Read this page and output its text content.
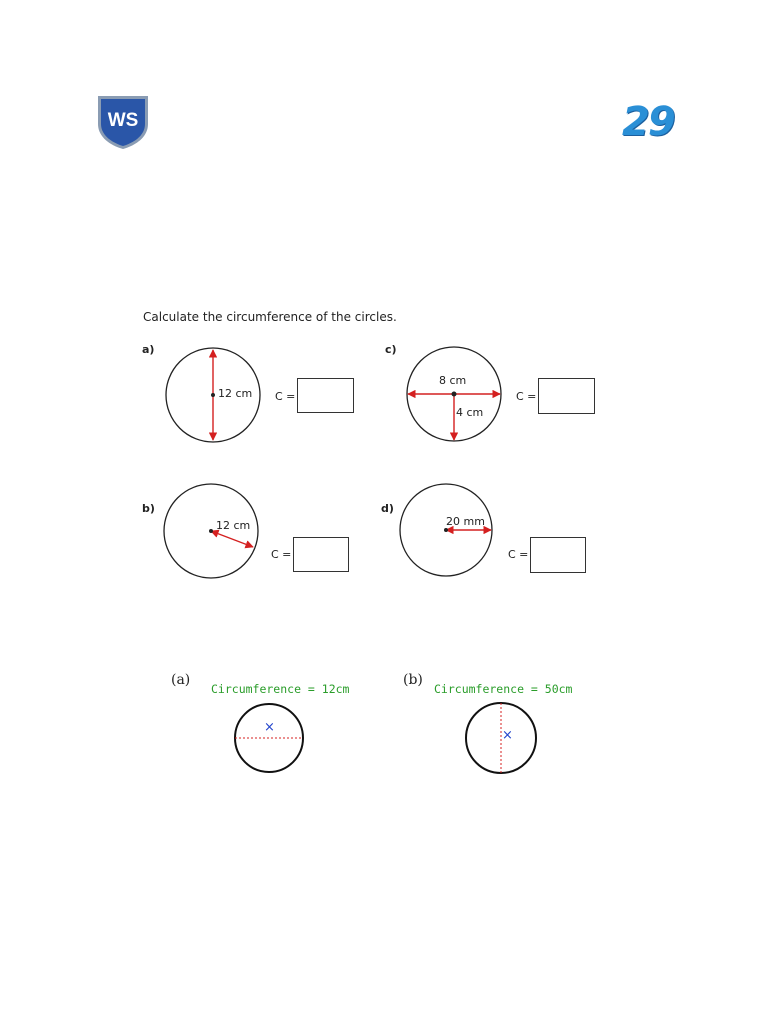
WS	29
Calculate the circumference of the circles.
a)
b)
c)
d)
12 cm
12 cm
8 cm
4 cm
20 mm
C =
C =
C =
C =
(a)
Circumference = 12cm
×
(b)
Circumference = 50cm
×
